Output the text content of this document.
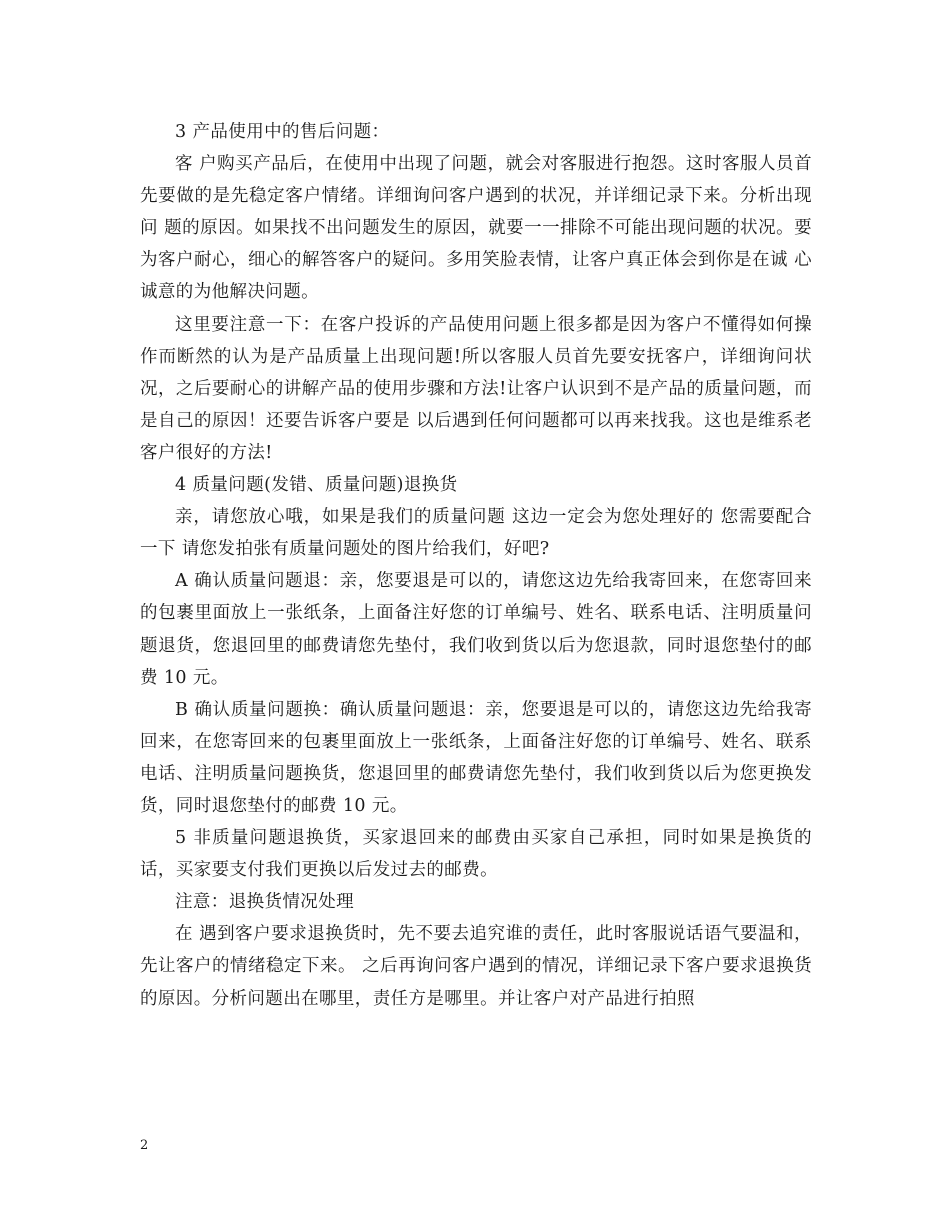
3 产品使用中的售后问题：

客 户购买产品后，在使用中出现了问题，就会对客服进行抱怨。这时客服人员首先要做的是先稳定客户情绪。详细询问客户遇到的状况，并详细记录下来。分析出现问 题的原因。如果找不出问题发生的原因，就要一一排除不可能出现问题的状况。要为客户耐心，细心的解答客户的疑问。多用笑脸表情，让客户真正体会到你是在诚 心诚意的为他解决问题。

这里要注意一下：在客户投诉的产品使用问题上很多都是因为客户不懂得如何操作而断然的认为是产品质量上出现问题!所以客服人员首先要安抚客户，详细询问状况，之后要耐心的讲解产品的使用步骤和方法!让客户认识到不是产品的质量问题，而是自己的原因！还要告诉客户要是 以后遇到任何问题都可以再来找我。这也是维系老客户很好的方法!

4 质量问题(发错、质量问题)退换货

亲，请您放心哦，如果是我们的质量问题 这边一定会为您处理好的 您需要配合一下 请您发拍张有质量问题处的图片给我们，好吧?

A 确认质量问题退：亲，您要退是可以的，请您这边先给我寄回来，在您寄回来的包裹里面放上一张纸条，上面备注好您的订单编号、姓名、联系电话、注明质量问题退货，您退回里的邮费请您先垫付，我们收到货以后为您退款，同时退您垫付的邮费 10 元。

B 确认质量问题换：确认质量问题退：亲，您要退是可以的，请您这边先给我寄回来，在您寄回来的包裹里面放上一张纸条，上面备注好您的订单编号、姓名、联系电话、注明质量问题换货，您退回里的邮费请您先垫付，我们收到货以后为您更换发货，同时退您垫付的邮费 10 元。

5 非质量问题退换货，买家退回来的邮费由买家自己承担，同时如果是换货的话，买家要支付我们更换以后发过去的邮费。

注意：退换货情况处理

在 遇到客户要求退换货时，先不要去追究谁的责任，此时客服说话语气要温和，先让客户的情绪稳定下来。 之后再询问客户遇到的情况，详细记录下客户要求退换货 的原因。分析问题出在哪里，责任方是哪里。并让客户对产品进行拍照

2
